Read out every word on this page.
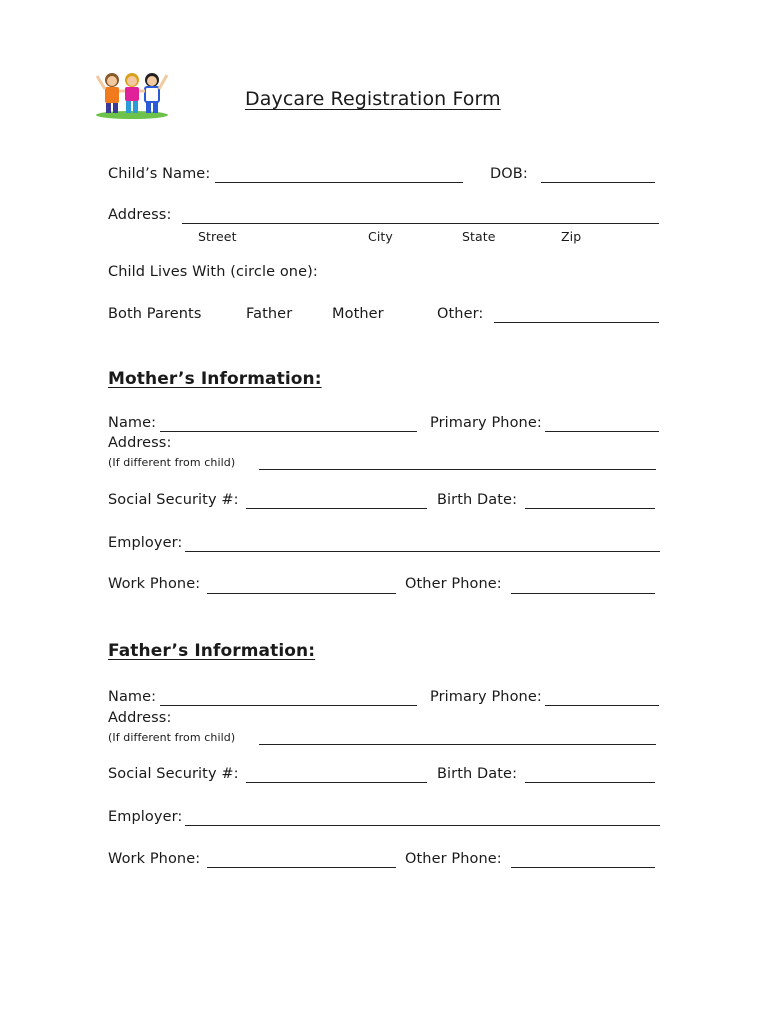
Daycare Registration Form
Child’s Name:	DOB:
Address:
Street	City	State	Zip
Child Lives With (circle one):
Both Parents	Father	Mother	Other:
Mother’s Information:
Name:	Primary Phone:
Address:
(If different from child)
Social Security #:	Birth Date:
Employer:
Work Phone:	Other Phone:
Father’s Information:
Name:	Primary Phone:
Address:
(If different from child)
Social Security #:	Birth Date:
Employer:
Work Phone:	Other Phone:
